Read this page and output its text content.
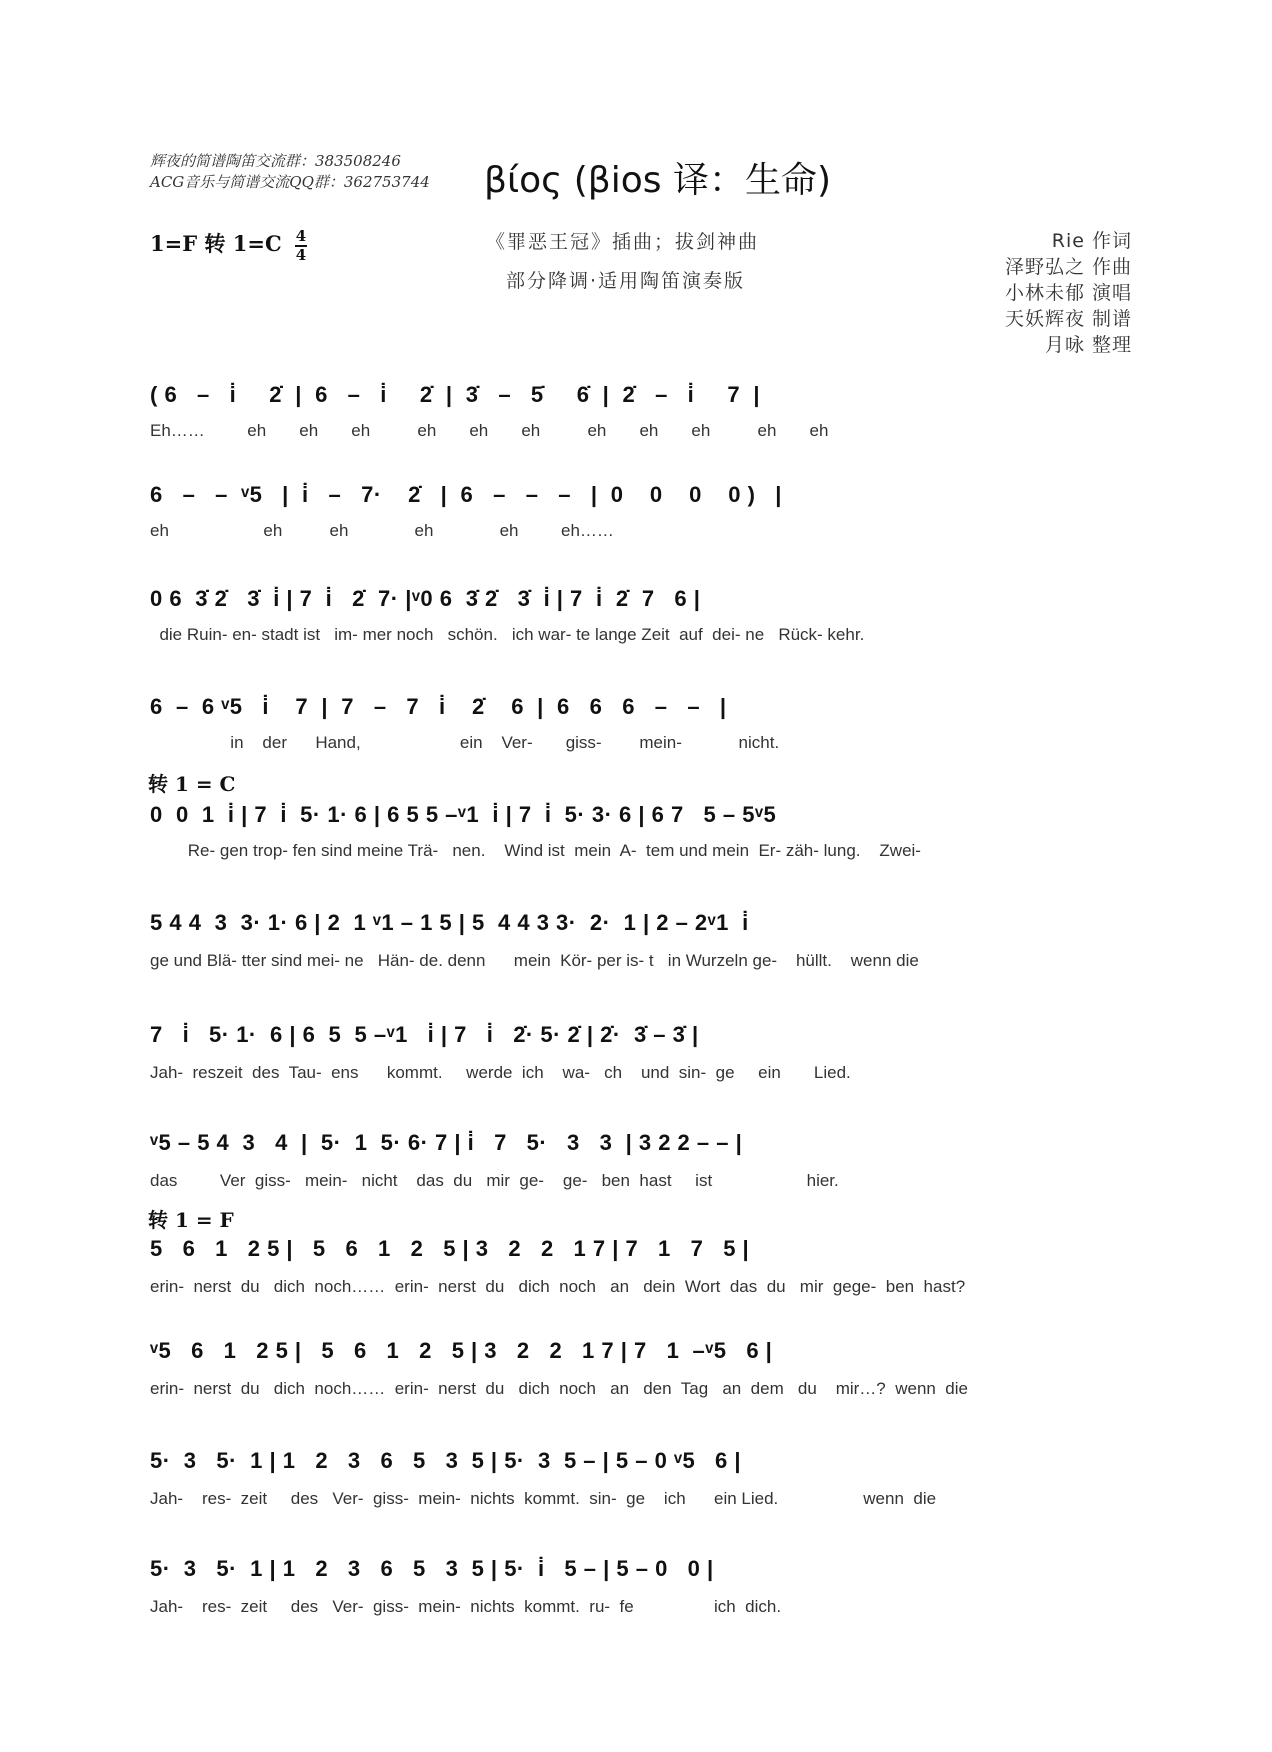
辉夜的简谱陶笛交流群：383508246
ACG音乐与简谱交流QQ群：362753744 βίος (βios 译：生命)
1=F 转 $1=C \frac{4}{4}$	《罪恶王冠》插曲；拔剑神曲
部分降调·适用陶笛演奏版
Rie 作词
泽野弘之 作曲
小林未郁 演唱
天妖辉夜 制谱
月咏 整理
( 6   –   i̇     2̇  |  6   –   i̇     2̇  |  3̇   –   5̇     6̇  |  2̇   –   i̇     7  |
Eh……         eh       eh       eh          eh       eh       eh          eh       eh       eh          eh       eh
6   –   –  ᵛ5   |  i̇   –   7·    2̇   |  6   –   –   –   |  0    0    0    0 )   |
eh                    eh          eh              eh              eh         eh……
0 6  3̇ 2̇   3̇  i̇ | 7  i̇   2̇  7· |ᵛ0 6  3̇ 2̇   3̇  i̇ | 7  i̇  2̇  7   6 |
die Ruin- en- stadt ist   im- mer noch   schön.   ich war- te lange Zeit  auf  dei- ne   Rück- kehr.
6  –  6 ᵛ5   i̇    7  |  7   –   7   i̇    2̇    6  |  6   6   6   –   –   |
in    der      Hand,                     ein    Ver-       giss-        mein-            nicht.
转 1 = C
0  0  1  i̇ | 7  i̇  5· 1· 6 | 6 5 5 –ᵛ1  i̇ | 7  i̇  5· 3· 6 | 6 7   5 – 5ᵛ5
Re- gen trop- fen sind meine Trä-   nen.    Wind ist  mein  A-  tem und mein  Er- zäh- lung.    Zwei-
5 4 4  3  3· 1· 6 | 2  1 ᵛ1 – 1 5 | 5  4 4 3 3·  2·  1 | 2 – 2ᵛ1  i̇
ge und Blä- tter sind mei- ne   Hän- de. denn      mein  Kör- per is- t   in Wurzeln ge-    hüllt.    wenn die
7   i̇   5· 1·  6 | 6  5  5 –ᵛ1   i̇ | 7   i̇   2̇· 5· 2̇ | 2̇·  3̇ – 3̇ |
Jah-  reszeit  des  Tau-  ens      kommt.     werde  ich    wa-   ch    und  sin-  ge     ein       Lied.
ᵛ5 – 5 4  3   4  |  5·  1  5· 6· 7 | i̇   7   5·   3   3  | 3 2 2 – – |
das         Ver  giss-   mein-   nicht    das  du   mir  ge-    ge-   ben  hast     ist                    hier.
转 1 = F
5   6   1   2 5 |   5   6   1   2   5 | 3   2   2   1 7 | 7   1   7   5 |
erin-  nerst  du   dich  noch……  erin-  nerst  du   dich  noch   an   dein  Wort  das  du   mir  gege-  ben  hast?
ᵛ5   6   1   2 5 |   5   6   1   2   5 | 3   2   2   1 7 | 7   1  –ᵛ5   6 |
erin-  nerst  du   dich  noch……  erin-  nerst  du   dich  noch   an   den  Tag   an  dem   du    mir…?  wenn  die
5·  3   5·  1 | 1   2   3   6   5   3  5 | 5·  3  5 – | 5 – 0 ᵛ5   6 |
Jah-    res-  zeit     des   Ver-  giss-  mein-  nichts  kommt.  sin-  ge    ich      ein Lied.                  wenn  die
5·  3   5·  1 | 1   2   3   6   5   3  5 | 5·  i̇   5 – | 5 – 0   0 |
Jah-    res-  zeit     des   Ver-  giss-  mein-  nichts  kommt.  ru-  fe                 ich  dich.
